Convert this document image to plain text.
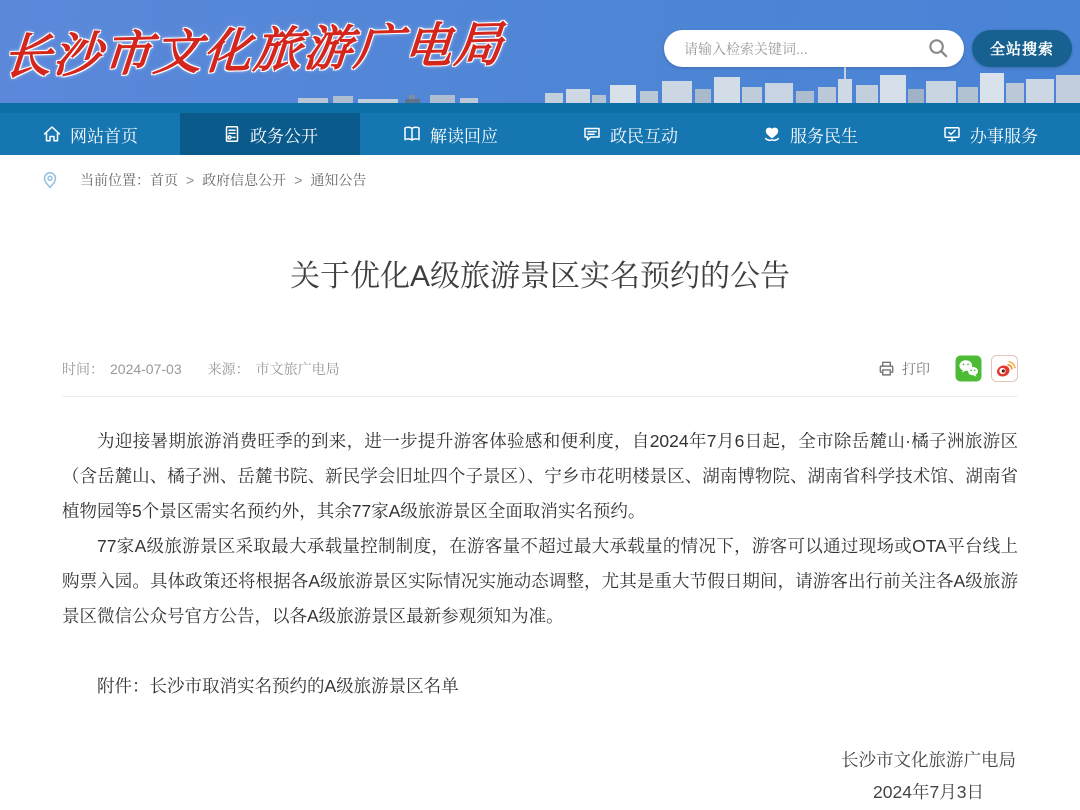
长沙市文化旅游广电局
请输入检索关键词...	全站搜索
网站首页	政务公开	解读回应	政民互动	服务民生	办事服务
当前位置： 首页 > 政府信息公开 > 通知公告
关于优化A级旅游景区实名预约的公告
时间： 2024-07-03 来源： 市文旅广电局	打印

为迎接暑期旅游消费旺季的到来，进一步提升游客体验感和便利度，自2024年7月6日起，全市除岳麓山·橘子洲旅游区（含岳麓山、橘子洲、岳麓书院、新民学会旧址四个子景区）、宁乡市花明楼景区、湖南博物院、湖南省科学技术馆、湖南省植物园等5个景区需实名预约外，其余77家A级旅游景区全面取消实名预约。

77家A级旅游景区采取最大承载量控制制度，在游客量不超过最大承载量的情况下，游客可以通过现场或OTA平台线上购票入园。具体政策还将根据各A级旅游景区实际情况实施动态调整，尤其是重大节假日期间，请游客出行前关注各A级旅游景区微信公众号官方公告，以各A级旅游景区最新参观须知为准。

附件：长沙市取消实名预约的A级旅游景区名单
长沙市文化旅游广电局
2024年7月3日
